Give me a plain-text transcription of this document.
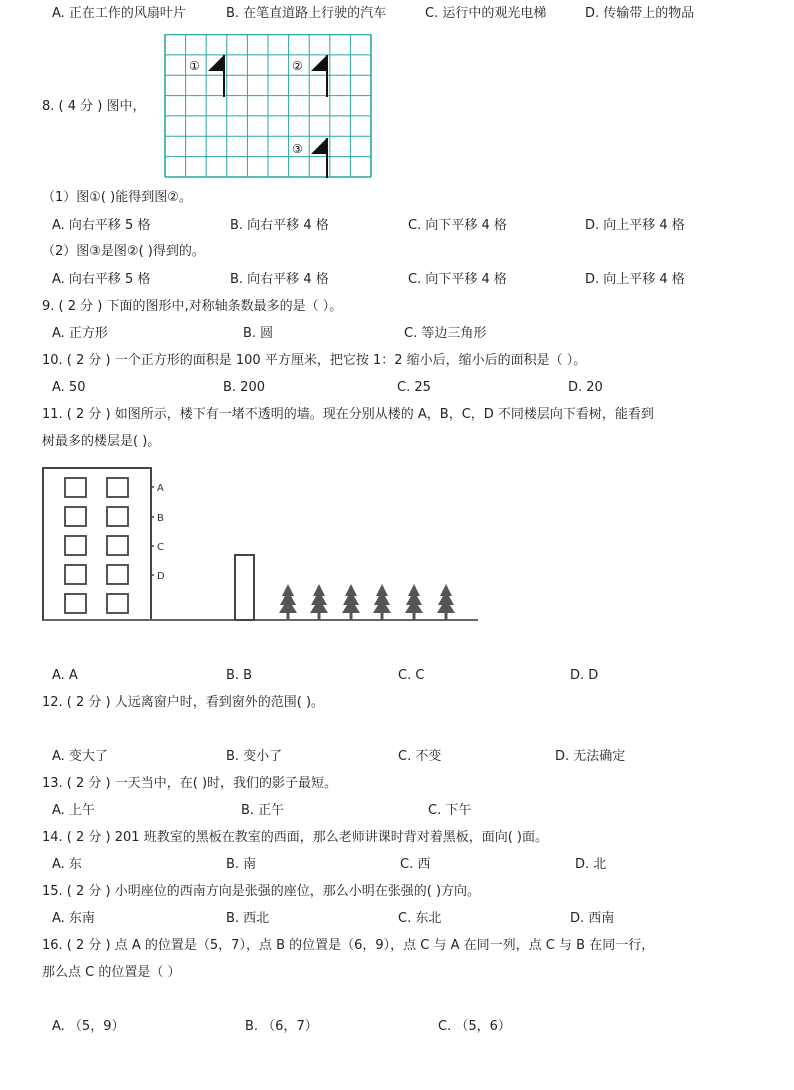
A. 正在工作的风扇叶片	B. 在笔直道路上行驶的汽车	C. 运行中的观光电梯	D. 传输带上的物品
8. ( 4 分 ) 图中，
①	②
③
（1）图①( )能得到图②。
A. 向右平移 5 格	B. 向右平移 4 格	C. 向下平移 4 格	D. 向上平移 4 格
（2）图③是图②( )得到的。
A. 向右平移 5 格	B. 向右平移 4 格	C. 向下平移 4 格	D. 向上平移 4 格
9. ( 2 分 ) 下面的图形中,对称轴条数最多的是（ ）。
A. 正方形	B. 圆	C. 等边三角形
10. ( 2 分 ) 一个正方形的面积是 100 平方厘米，把它按 1：2 缩小后，缩小后的面积是（ ）。
A. 50	B. 200	C. 25	D. 20
11. ( 2 分 ) 如图所示，楼下有一堵不透明的墙。现在分别从楼的 A，B，C，D 不同楼层向下看树，能看到
树最多的楼层是( )。
A
B
C
D
A. A	B. B	C. C	D. D
12. ( 2 分 ) 人远离窗户时，看到窗外的范围( )。
A. 变大了	B. 变小了	C. 不变	D. 无法确定
13. ( 2 分 ) 一天当中，在( )时，我们的影子最短。
A. 上午	B. 正午	C. 下午
14. ( 2 分 ) 201 班教室的黑板在教室的西面，那么老师讲课时背对着黑板，面向( )面。
A. 东	B. 南	C. 西	D. 北
15. ( 2 分 ) 小明座位的西南方向是张强的座位，那么小明在张强的( )方向。
A. 东南	B. 西北	C. 东北	D. 西南
16. ( 2 分 ) 点 A 的位置是（5，7），点 B 的位置是（6，9），点 C 与 A 在同一列，点 C 与 B 在同一行，
那么点 C 的位置是（ ）
A. （5，9）	B. （6，7）	C. （5，6）
